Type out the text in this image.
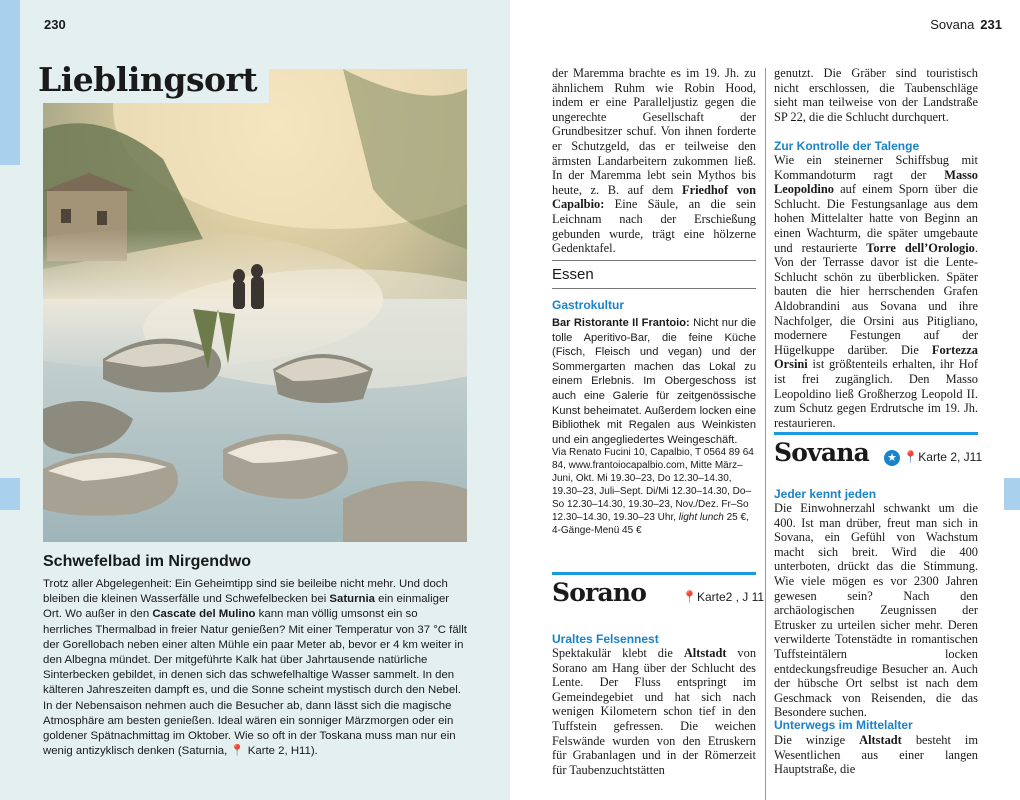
230
Lieblingsort
Schwefelbad im Nirgendwo
Trotz aller Abgelegenheit: Ein Geheimtipp sind sie beileibe nicht mehr. Und doch bleiben die kleinen Wasserfälle und Schwefelbecken bei Saturnia ein einmaliger Ort. Wo außer in den Cascate del Mulino kann man völlig umsonst ein so herrliches Thermalbad in freier Natur genießen? Mit einer Temperatur von 37 °C fällt der Gorellobach neben einer alten Mühle ein paar Meter ab, bevor er 4 km weiter in den Albegna mündet. Der mitgeführte Kalk hat über Jahrtausende natürliche Sinterbecken gebildet, in denen sich das schwefelhaltige Wasser sammelt. In den kälteren Jahreszeiten dampft es, und die Sonne scheint mystisch durch den Nebel. In der Nebensaison nehmen auch die Besucher ab, dann lässt sich die magische Atmosphäre am besten genießen. Ideal wären ein sonniger Märzmorgen oder ein goldener Spätnachmittag im Oktober. Wie so oft in der Toskana muss man nur ein wenig antizyklisch denken (Saturnia, 📍 Karte 2, H11).
Sovana 231
der Maremma brachte es im 19. Jh. zu ähnlichem Ruhm wie Robin Hood, indem er eine Paralleljustiz gegen die ungerechte Gesellschaft der Grundbesitzer schuf. Von ihnen forderte er Schutzgeld, das er teilweise den ärmsten Landarbeitern zukommen ließ. In der Maremma lebt sein Mythos bis heute, z. B. auf dem Friedhof von Capalbio: Eine Säule, an die sein Leichnam nach der Erschießung gebunden wurde, trägt eine hölzerne Gedenktafel.
Essen
Gastrokultur
Bar Ristorante Il Frantoio: Nicht nur die tolle Aperitivo-Bar, die feine Küche (Fisch, Fleisch und vegan) und der Sommergarten machen das Lokal zu einem Erlebnis. Im Obergeschoss ist auch eine Galerie für zeitgenössische Kunst beheimatet. Außerdem locken eine Bibliothek mit Regalen aus Weinkisten und ein angegliedertes Weingeschäft.
Via Renato Fucini 10, Capalbio, T 0564 89 64 84, www.frantoiocapalbio.com, Mitte März–Juni, Okt. Mi 19.30–23, Do 12.30–14.30, 19.30–23, Juli–Sept. Di/Mi 12.30–14.30, Do–So 12.30–14.30, 19.30–23, Nov./Dez. Fr–So 12.30–14.30, 19.30–23 Uhr, light lunch 25 €, 4-Gänge-Menü 45 €
Sorano	📍Karte2 , J 11
Uraltes Felsennest
Spektakulär klebt die Altstadt von Sorano am Hang über der Schlucht des Lente. Der Fluss entspringt im Gemeindegebiet und hat sich nach wenigen Kilometern schon tief in den Tuffstein gefressen. Die weichen Felswände wurden von den Etruskern für Grabanlagen und in der Römerzeit für Taubenzuchtstätten
genutzt. Die Gräber sind touristisch nicht erschlossen, die Taubenschläge sieht man teilweise von der Landstraße SP 22, die die Schlucht durchquert.
Zur Kontrolle der Talenge
Wie ein steinerner Schiffsbug mit Kommandoturm ragt der Masso Leopoldino auf einem Sporn über die Schlucht. Die Festungsanlage aus dem hohen Mittelalter hatte von Beginn an einen Wachturm, die später umgebaute und restaurierte Torre dell’Orologio. Von der Terrasse davor ist die Lente-Schlucht schön zu überblicken. Später bauten die hier herrschenden Grafen Aldobrandini aus Sovana und ihre Nachfolger, die Orsini aus Pitigliano, modernere Festungen auf der Hügelkuppe darüber. Die Fortezza Orsini ist größtenteils erhalten, ihr Hof ist frei zugänglich. Den Masso Leopoldino ließ Großherzog Leopold II. zum Schutz gegen Erdrutsche im 19. Jh. restaurieren.
Sovana ★ 📍Karte 2, J11
Jeder kennt jeden
Die Einwohnerzahl schwankt um die 400. Ist man drüber, freut man sich in Sovana, ein Gefühl von Wachstum macht sich breit. Wird die 400 unterboten, drückt das die Stimmung. Wie viele mögen es vor 2300 Jahren gewesen sein? Nach den archäologischen Zeugnissen der Etrusker zu urteilen sicher mehr. Deren verwilderte Totenstädte in romantischen Tuffsteintälern locken entdeckungsfreudige Besucher an. Auch der hübsche Ort selbst ist nach dem Geschmack von Reisenden, die das Besondere suchen.
Unterwegs im Mittelalter
Die winzige Altstadt besteht im Wesentlichen aus einer langen Hauptstraße, die
